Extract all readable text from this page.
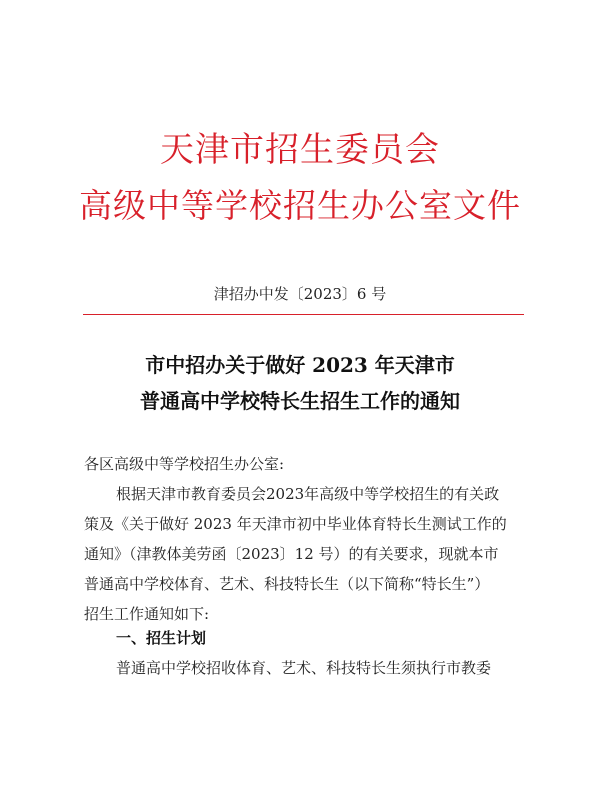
天津市招生委员会
高级中等学校招生办公室文件
津招办中发〔2023〕6 号
市中招办关于做好 2023 年天津市
普通高中学校特长生招生工作的通知
各区高级中等学校招生办公室:
根据天津市教育委员会2023年高级中等学校招生的有关政
策及《关于做好 2023 年天津市初中毕业体育特长生测试工作的
通知》（津教体美劳函〔2023〕12 号）的有关要求，现就本市
普通高中学校体育、艺术、科技特长生（以下简称“特长生”）
招生工作通知如下:
一、招生计划
普通高中学校招收体育、艺术、科技特长生须执行市教委
